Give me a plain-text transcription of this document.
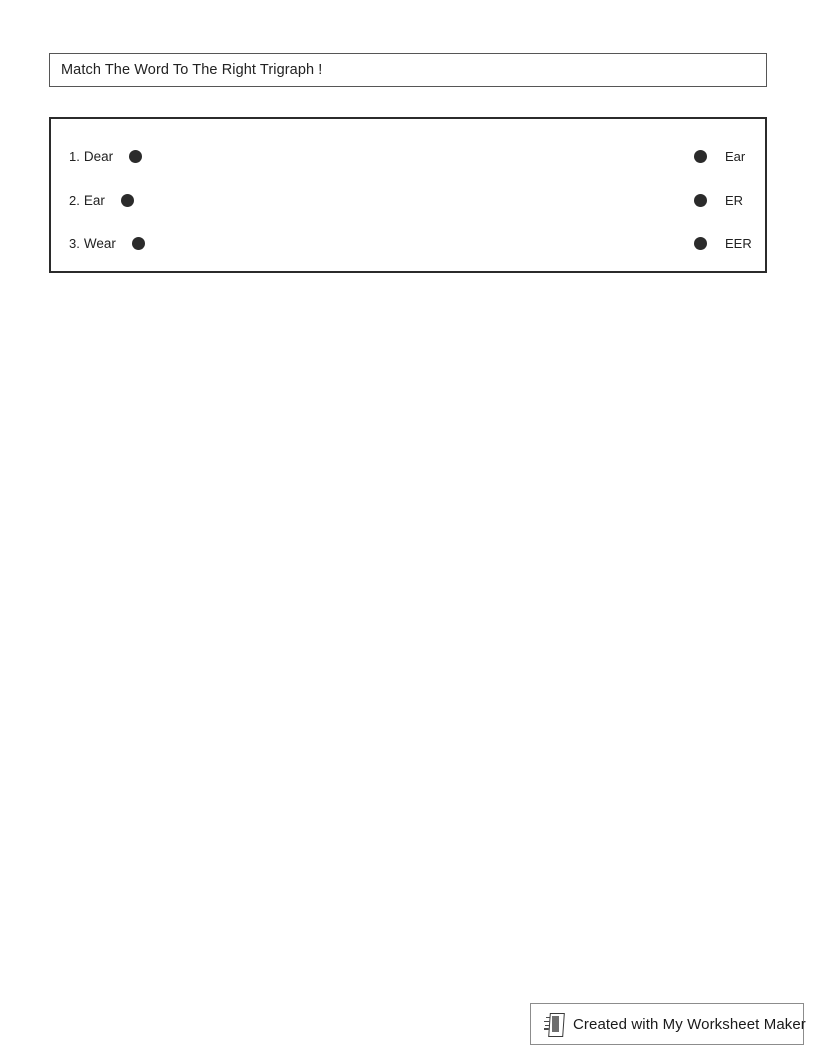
Match The Word To The Right Trigraph !
1. Dear	Ear
2. Ear	ER
3. Wear	EER
Created with My Worksheet Maker
